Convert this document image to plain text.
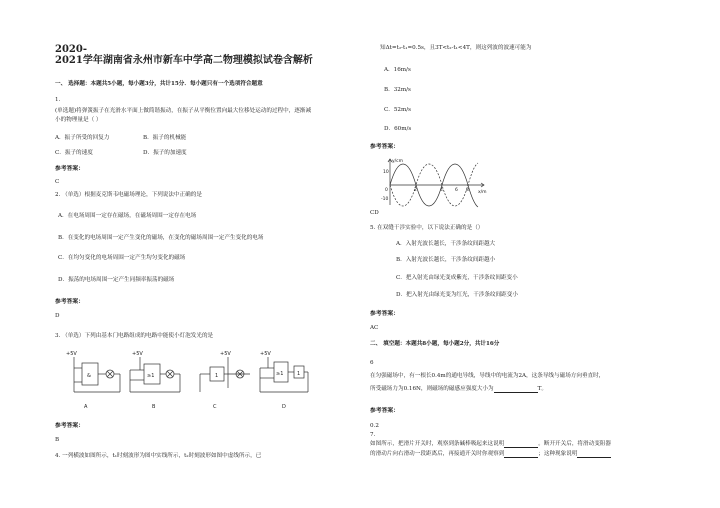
2020-
2021学年湖南省永州市新车中学高二物理模拟试卷含解析
一、 选择题：本题共5小题，每小题3分，共计15分．每小题只有一个选项符合题意
1.
(单选题)将弹簧振子在光滑水平面上做简谐振动，在振子从平衡位置向最大位移处运动的过程中，逐渐减
小的物理量是（ ）
A．振子所受的回复力	B．振子的机械能
C．振子的速度	D．振子的加速度
参考答案：
C
2. （单选）根据麦克斯韦电磁场理论，下列说法中正确的是
A．在电场周围一定存在磁场，在磁场周围一定存在电场
B．在变化的电场周围一定产生变化的磁场，在变化的磁场周围一定产生变化的电场
C．在均匀变化的电场周围一定产生均匀变化的磁场
D．振荡的电场周围一定产生同频率振荡的磁场
参考答案：
D
3. （单选）下列由基本门电路组成的电路中能使小灯泡发光的是
+5V
&
+5V
≥1
+5V
1
+5V
≥1	1
A	B	C	D
参考答案：
B
4. 一列横波如图所示，t₁时刻波形为图中实线所示，t₂时刻波形如图中虚线所示，已
知Δt=t₂-t₁=0.5s，且3T<t₂-t₁<4T，则这列波的波速可能为
A．16m/s
B．32m/s
C．52m/s
D．60m/s
参考答案：
y/cm
x/m
10
-10
0	2	4	6 8
CD
5. 在双缝干涉实验中，以下说法正确的是（）
A．入射光波长越长，干涉条纹间距越大
B．入射光波长越长，干涉条纹间距越小
C．把入射光由绿光变成紫光，干涉条纹间距变小
D．把入射光由绿光变为红光，干涉条纹间距变小
参考答案：
AC
二、 填空题：本题共8小题，每小题2分，共计16分
6
在匀强磁场中，有一根长0.4m的通电导线，导线中的电流为2A，这条导线与磁场方向垂直时，
所受磁场力为0.16N，则磁场的磁感应强度大小为	T。
参考答案：
0.2
7.
如图所示，把滑片开关时，观察到条碱棒吸起来这说明	。断开开关后，将滑动变阻器
的滑动片向右滑动一段距离后，再接通开关时你观察到	；这种现象说明
